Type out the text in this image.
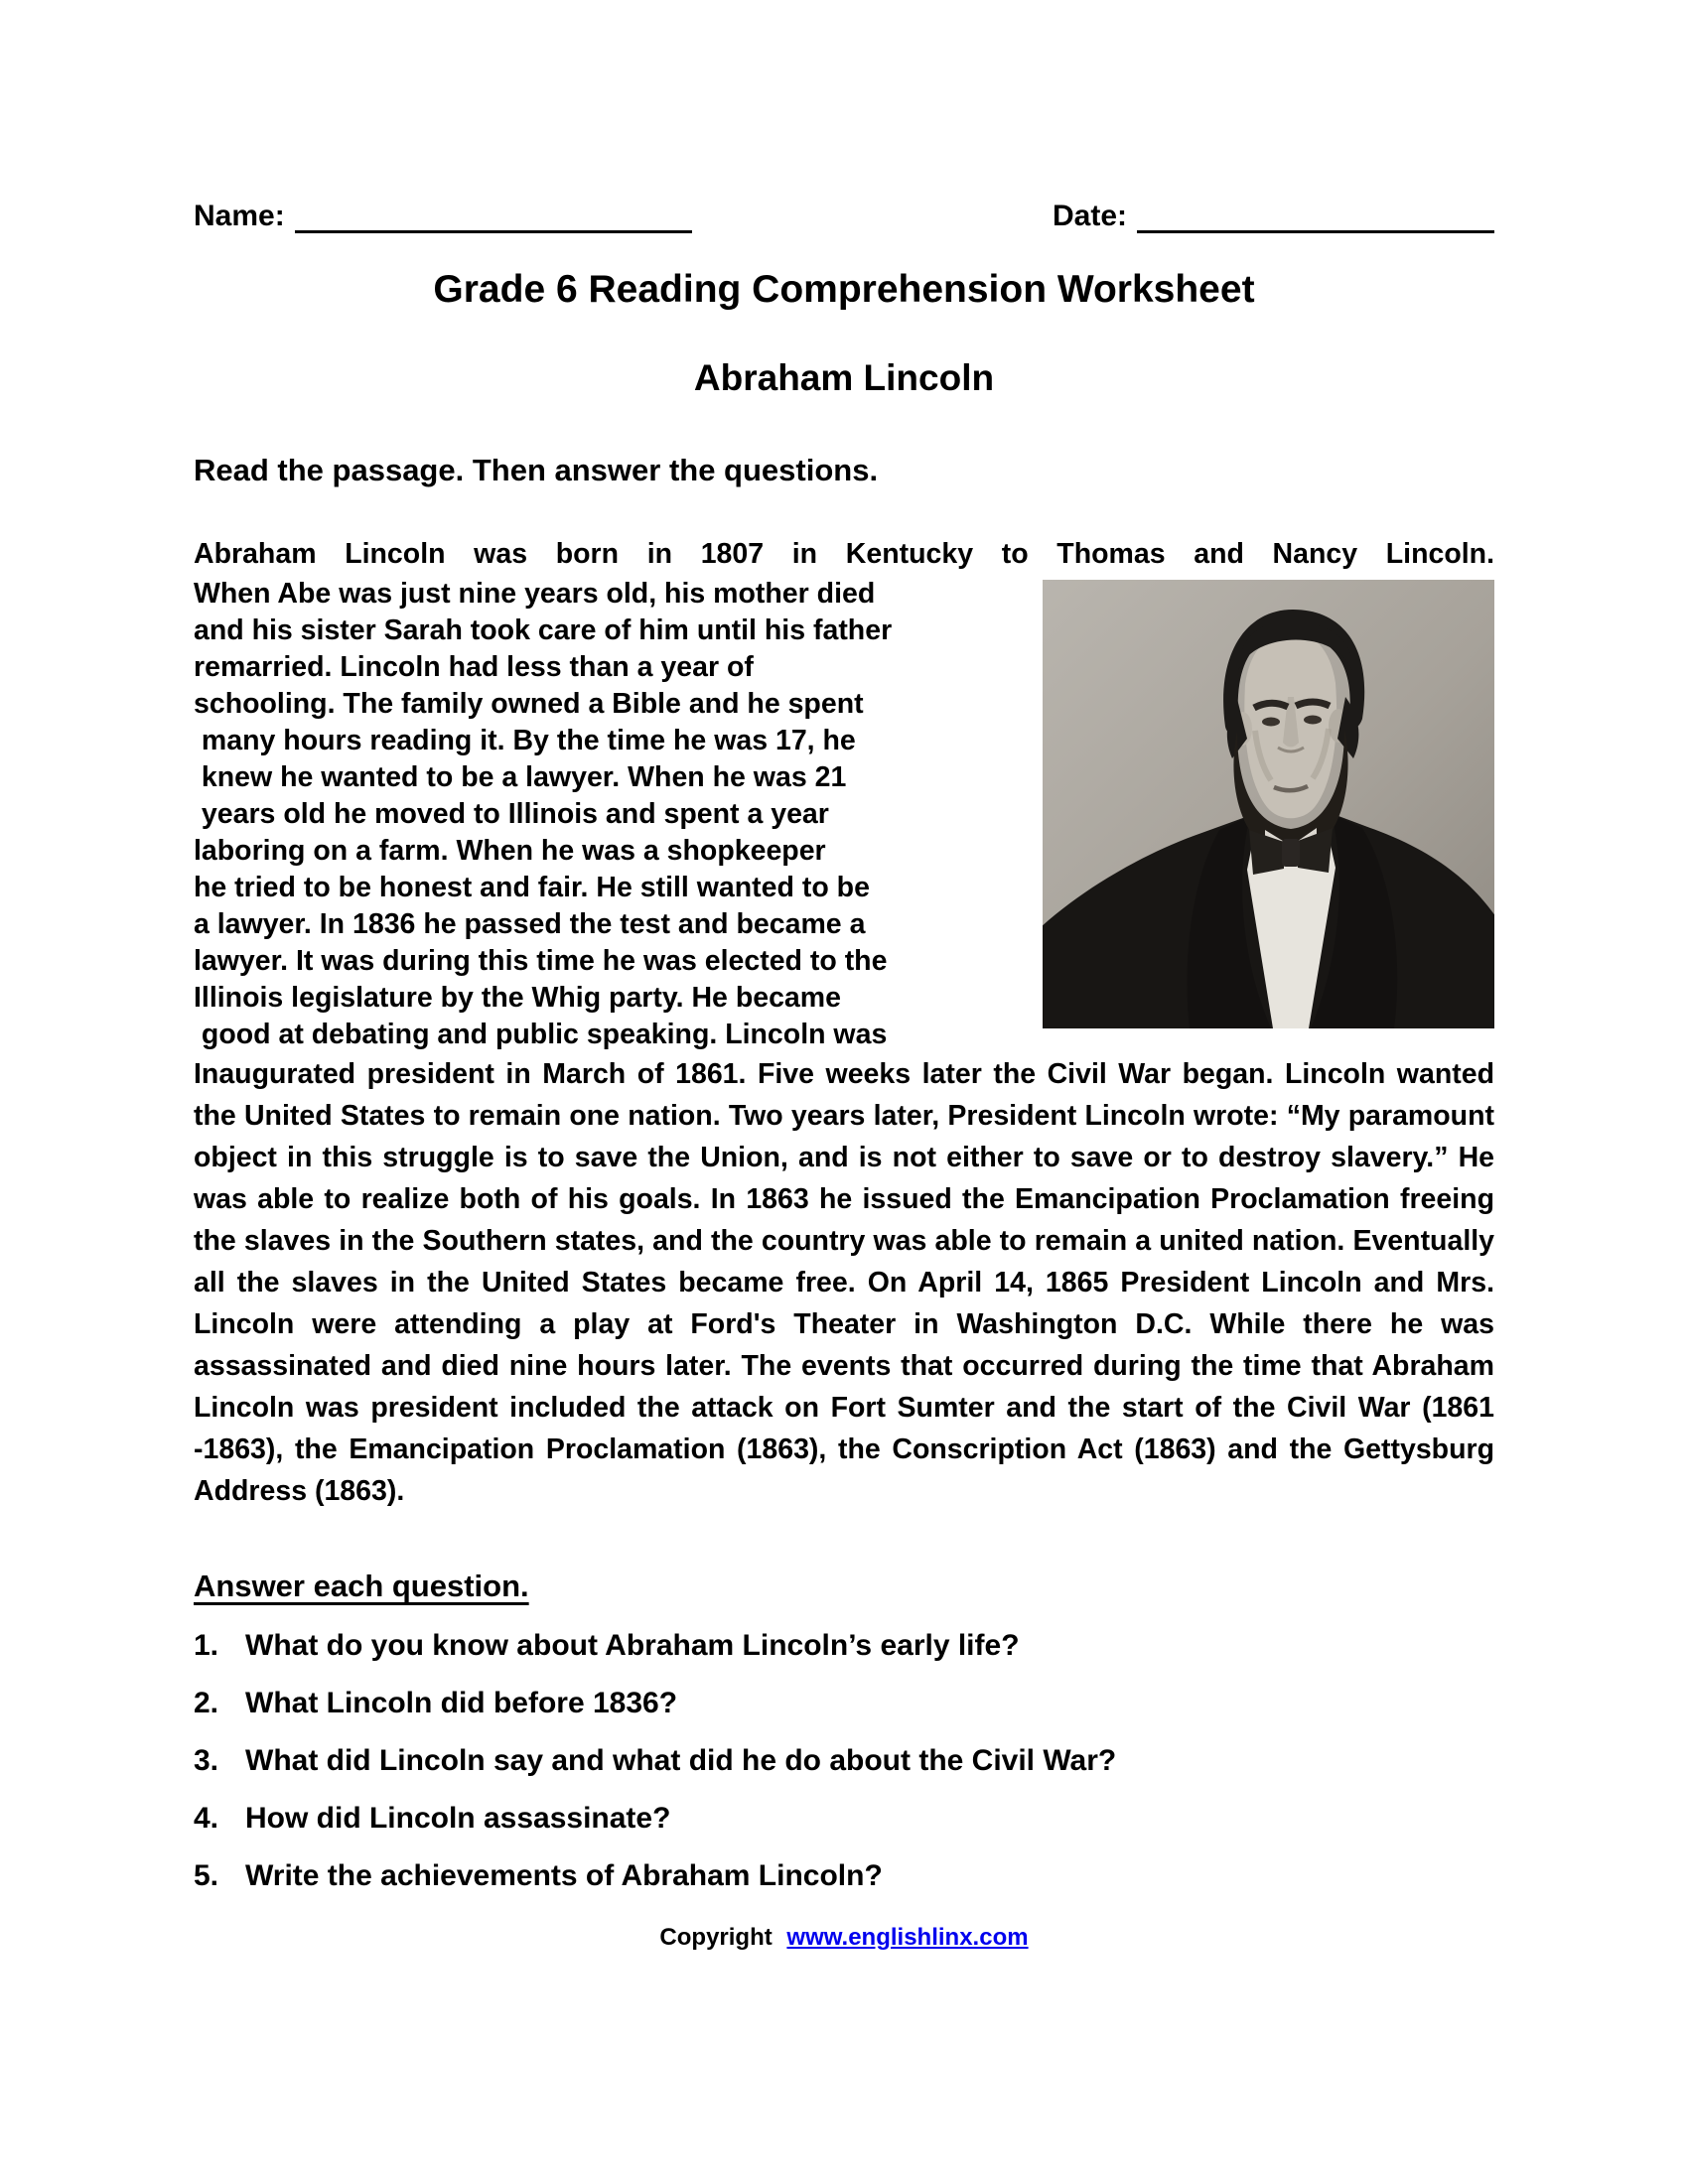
Name:	Date:
Grade 6 Reading Comprehension Worksheet
Abraham Lincoln
Read the passage. Then answer the questions.

Abraham Lincoln was born in 1807 in Kentucky to Thomas and Nancy Lincoln.

When Abe was just nine years old, his mother died
and his sister Sarah took care of him until his father
remarried. Lincoln had less than a year of
schooling. The family owned a Bible and he spent
many hours reading it. By the time he was 17, he
knew he wanted to be a lawyer. When he was 21
years old he moved to Illinois and spent a year
laboring on a farm. When he was a shopkeeper
he tried to be honest and fair. He still wanted to be
a lawyer. In 1836 he passed the test and became a
lawyer. It was during this time he was elected to the
Illinois legislature by the Whig party. He became
good at debating and public speaking. Lincoln was

Inaugurated president in March of 1861. Five weeks later the Civil War began. Lincoln wanted the United States to remain one nation. Two years later, President Lincoln wrote: “My paramount object in this struggle is to save the Union, and is not either to save or to destroy slavery.” He was able to realize both of his goals. In 1863 he issued the Emancipation Proclamation freeing the slaves in the Southern states, and the country was able to remain a united nation. Eventually all the slaves in the United States became free. On April 14, 1865 President Lincoln and Mrs. Lincoln were attending a play at Ford's Theater in Washington D.C. While there he was assassinated and died nine hours later. The events that occurred during the time that Abraham Lincoln was president included the attack on Fort Sumter and the start of the Civil War (1861 -1863), the Emancipation Proclamation (1863), the Conscription Act (1863) and the Gettysburg Address (1863).

Answer each question.
1. What do you know about Abraham Lincoln’s early life?
2. What Lincoln did before 1836?
3. What did Lincoln say and what did he do about the Civil War?
4. How did Lincoln assassinate?
5. Write the achievements of Abraham Lincoln?
Copyright www.englishlinx.com
